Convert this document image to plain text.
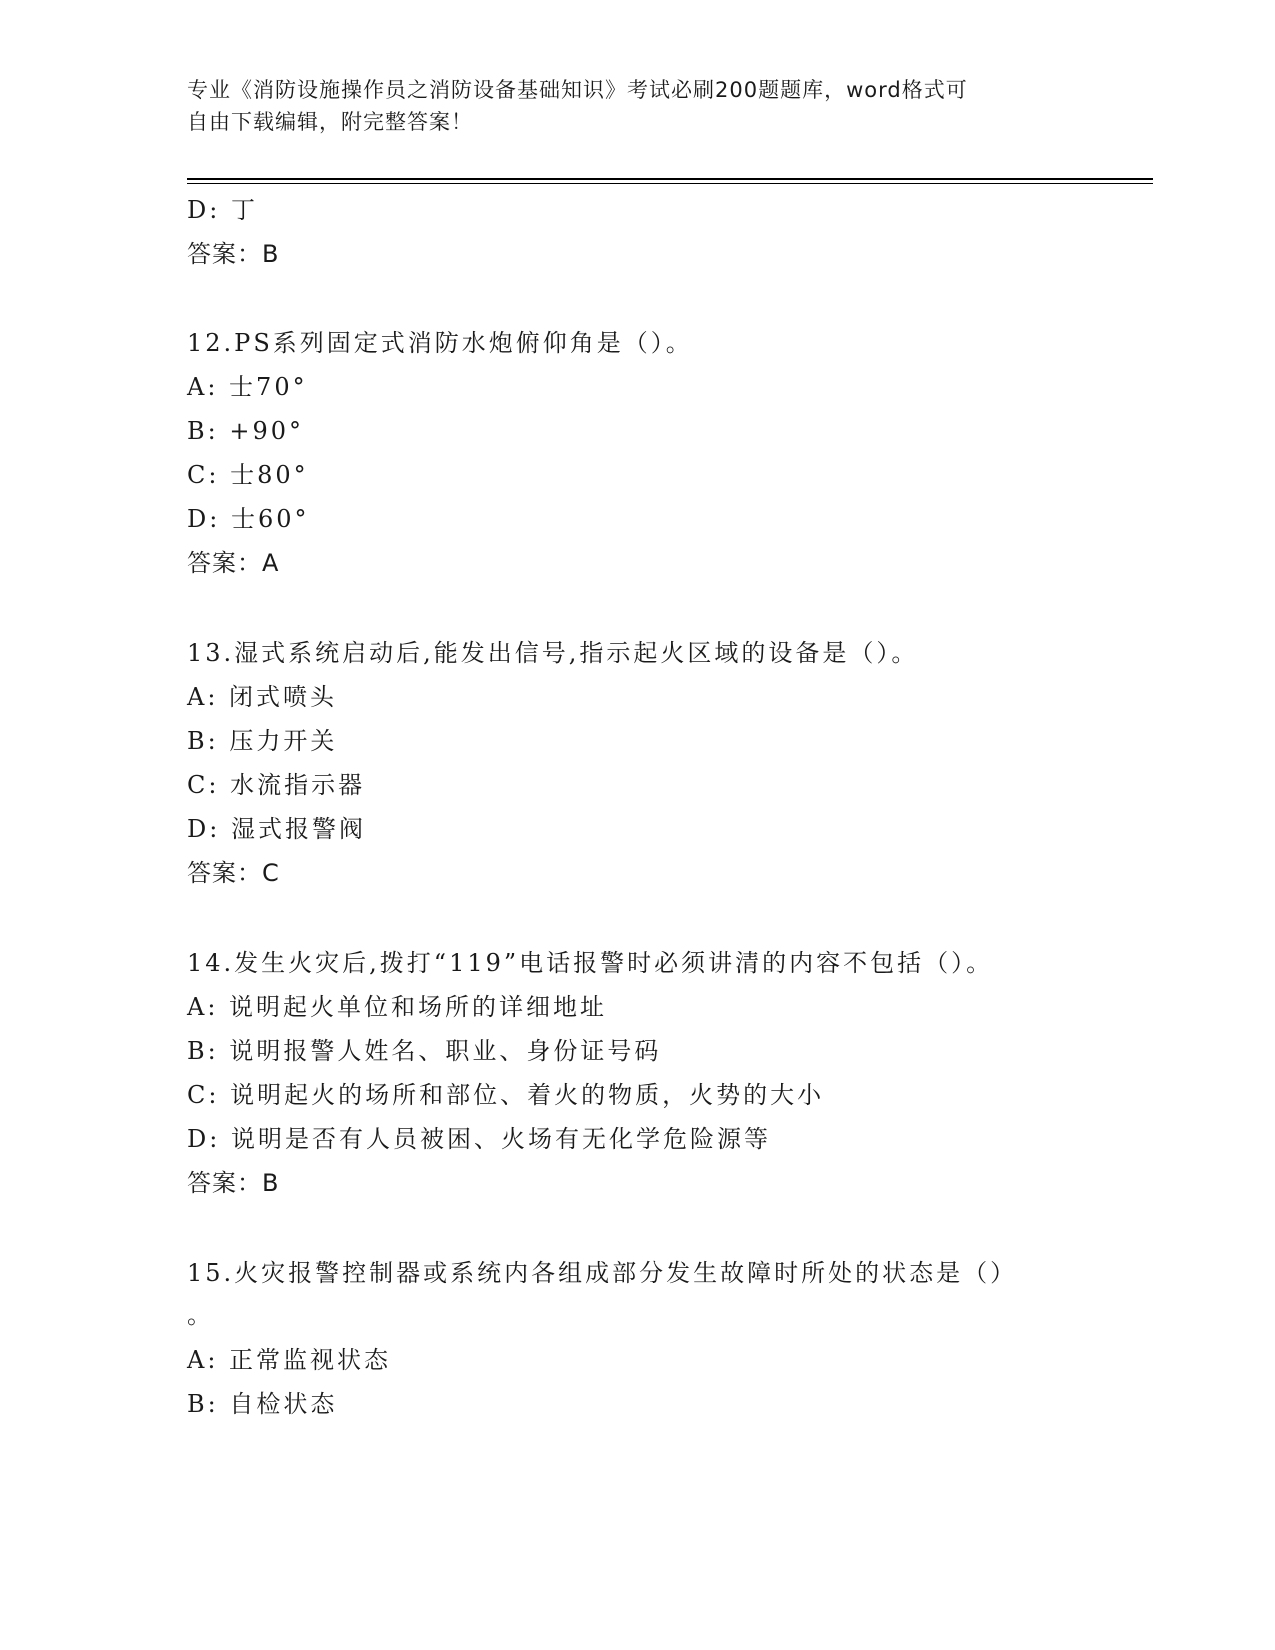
专业《消防设施操作员之消防设备基础知识》考试必刷200题题库，word格式可
自由下载编辑，附完整答案！
D: 丁
答案：B
12.PS系列固定式消防水炮俯仰角是（）。
A: 士70°
B: +90°
C: 士80°
D: 士60°
答案：A
13.湿式系统启动后,能发出信号,指示起火区域的设备是（）。
A: 闭式喷头
B: 压力开关
C: 水流指示器
D: 湿式报警阀
答案：C
14.发生火灾后,拨打“119”电话报警时必须讲清的内容不包括（）。
A: 说明起火单位和场所的详细地址
B: 说明报警人姓名、职业、身份证号码
C: 说明起火的场所和部位、着火的物质，火势的大小
D: 说明是否有人员被困、火场有无化学危险源等
答案：B
15.火灾报警控制器或系统内各组成部分发生故障时所处的状态是（）
。
A: 正常监视状态
B: 自检状态
